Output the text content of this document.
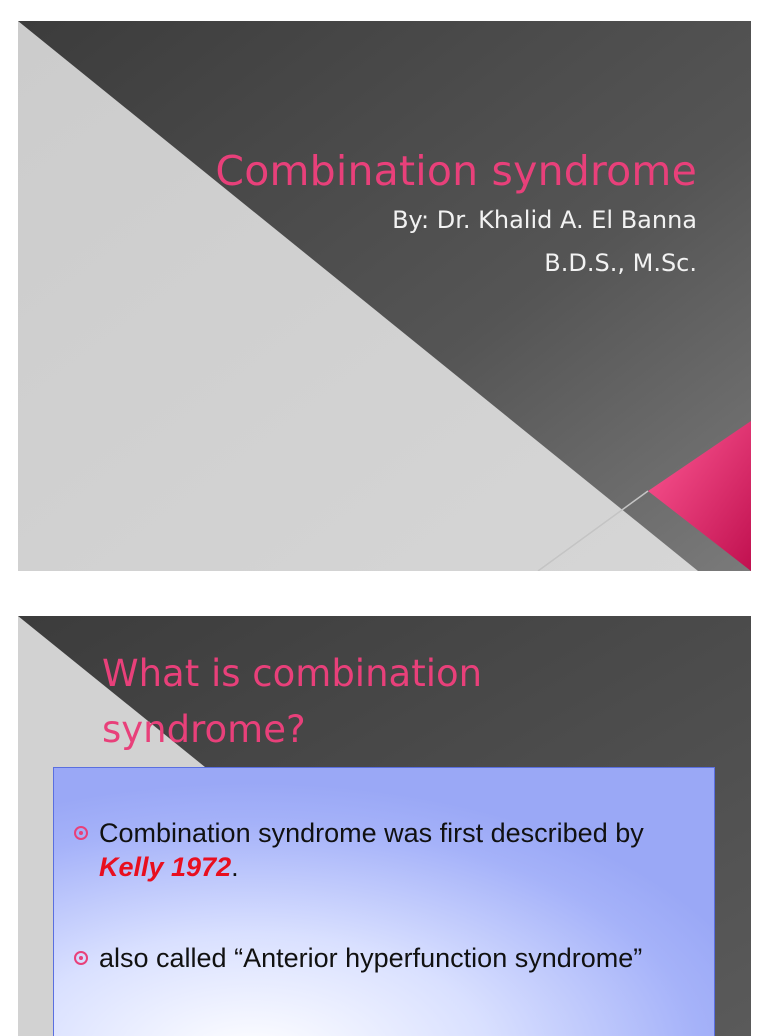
Combination syndrome
By: Dr. Khalid A. El Banna
B.D.S., M.Sc.
What is combination syndrome?
Combination syndrome was first described by Kelly 1972.
also called “Anterior hyperfunction syndrome”
